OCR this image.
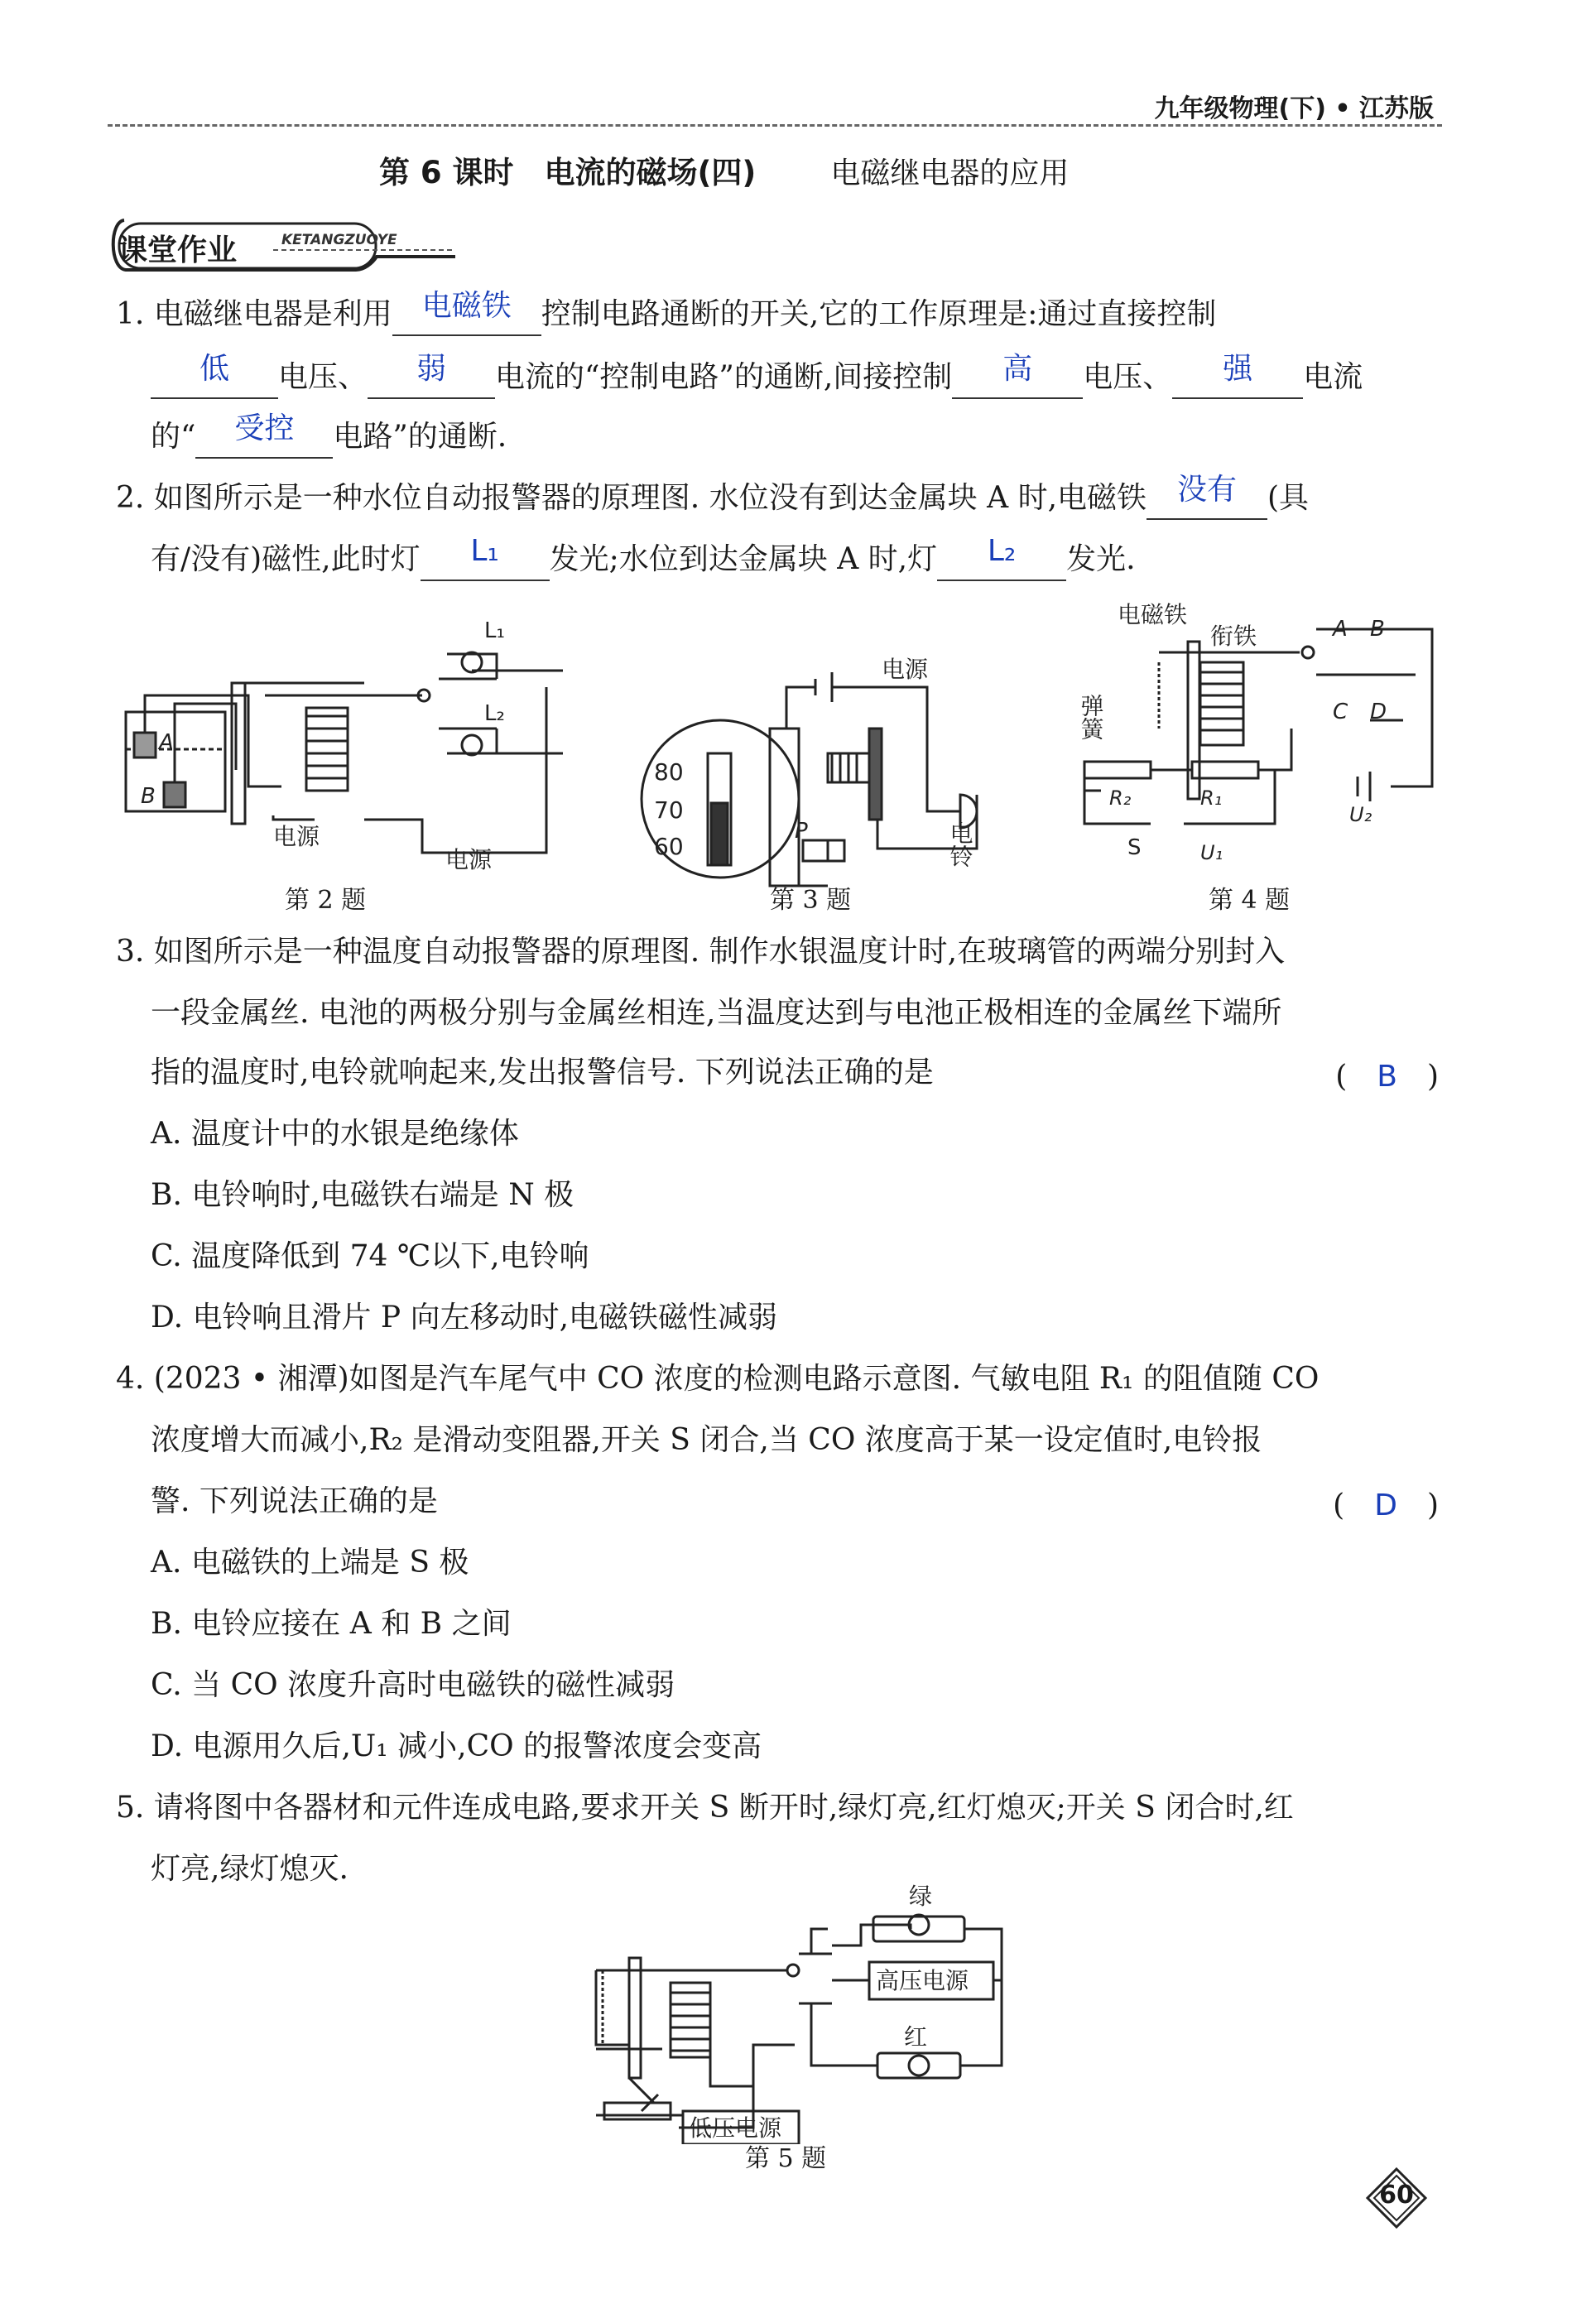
九年级物理(下) • 江苏版
第 6 课时　电流的磁场(四)	电磁继电器的应用
课堂作业	KETANGZUOYE
1. 电磁继电器是利用 电磁铁 控制电路通断的开关,它的工作原理是:通过直接控制
低 电压、 弱 电流的“控制电路”的通断,间接控制 高 电压、 强 电流
的“ 受控 电路”的通断.
2. 如图所示是一种水位自动报警器的原理图. 水位没有到达金属块 A 时,电磁铁 没有 (具
有/没有)磁性,此时灯 L₁ 发光;水位到达金属块 A 时,灯 L₂ 发光.
L₁
L₂
A
B
电源
电源
第 2 题
80
70
60
电源
P	电铃
第 3 题
电磁铁
衔铁
弹簧
A B
C D
R₂	R₁
S	U₁
U₂
第 4 题
3. 如图所示是一种温度自动报警器的原理图. 制作水银温度计时,在玻璃管的两端分别封入
一段金属丝. 电池的两极分别与金属丝相连,当温度达到与电池正极相连的金属丝下端所
指的温度时,电铃就响起来,发出报警信号. 下列说法正确的是	(　B　)
A. 温度计中的水银是绝缘体
B. 电铃响时,电磁铁右端是 N 极
C. 温度降低到 74 ℃以下,电铃响
D. 电铃响且滑片 P 向左移动时,电磁铁磁性减弱
4. (2023 • 湘潭)如图是汽车尾气中 CO 浓度的检测电路示意图. 气敏电阻 R₁ 的阻值随 CO
浓度增大而减小,R₂ 是滑动变阻器,开关 S 闭合,当 CO 浓度高于某一设定值时,电铃报
警. 下列说法正确的是	(　D　)
A. 电磁铁的上端是 S 极
B. 电铃应接在 A 和 B 之间
C. 当 CO 浓度升高时电磁铁的磁性减弱
D. 电源用久后,U₁ 减小,CO 的报警浓度会变高
5. 请将图中各器材和元件连成电路,要求开关 S 断开时,绿灯亮,红灯熄灭;开关 S 闭合时,红
灯亮,绿灯熄灭.
绿
红
高压电源
低压电源
第 5 题
60
